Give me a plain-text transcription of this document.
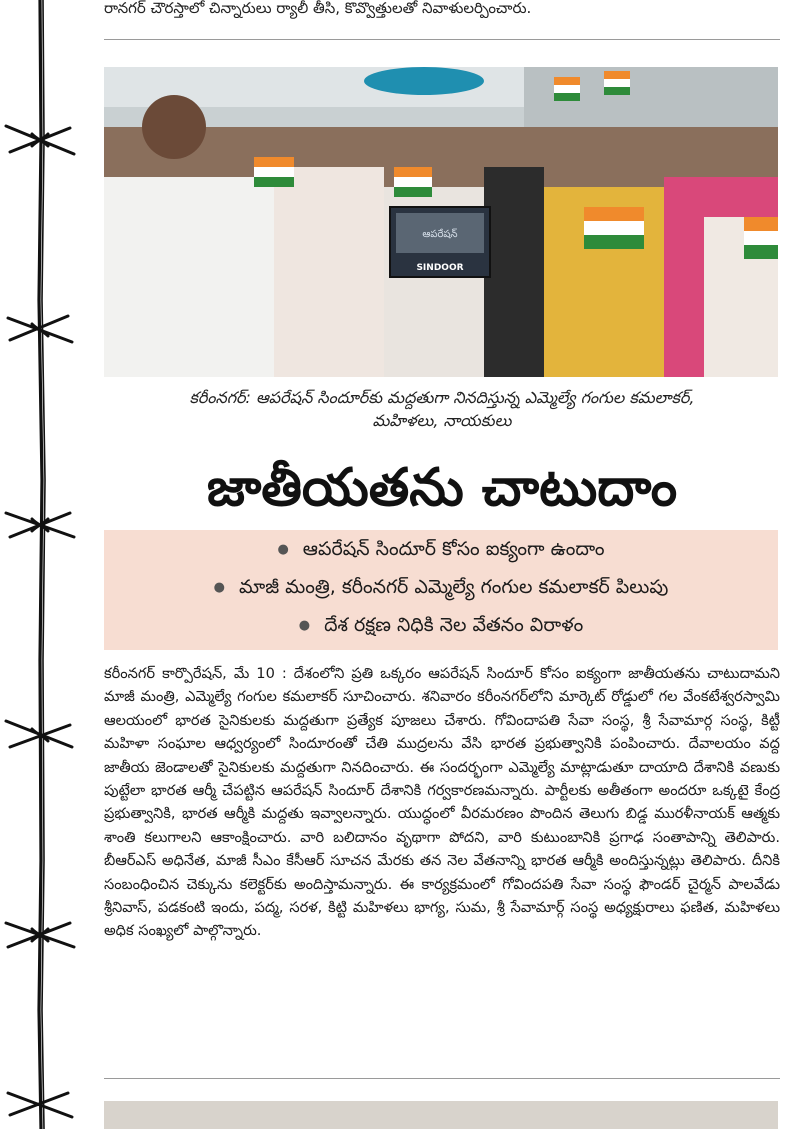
రానగర్ చౌరస్తాలో చిన్నారులు ర్యాలీ తీసి, కొవ్వొత్తులతో నివాళులర్పించారు.
ఆపరేషన్
SINDOOR
కరీంనగర్: ఆపరేషన్ సిందూర్‌కు మద్దతుగా నినదిస్తున్న ఎమ్మెల్యే గంగుల కమలాకర్,
మహిళలు, నాయకులు
జాతీయతను చాటుదాం
● ఆపరేషన్ సిందూర్ కోసం ఐక్యంగా ఉందాం
● మాజీ మంత్రి, కరీంనగర్ ఎమ్మెల్యే గంగుల కమలాకర్ పిలుపు
● దేశ రక్షణ నిధికి నెల వేతనం విరాళం

కరీంనగర్ కార్పొరేషన్, మే 10 : దేశంలోని ప్రతి ఒక్కరం ఆపరేషన్ సిందూర్ కోసం ఐక్యంగా జాతీయతను చాటుదామని మాజీ మంత్రి, ఎమ్మెల్యే గంగుల కమలాకర్ సూచించారు. శనివారం కరీంనగర్‌లోని మార్కెట్ రోడ్డులో గల వేంకటేశ్వరస్వామి ఆలయంలో భారత సైనికులకు మద్దతుగా ప్రత్యేక పూజలు చేశారు. గోవిందాపతి సేవా సంస్థ, శ్రీ సేవామార్గ సంస్థ, కిట్టీ మహిళా సంఘాల ఆధ్వర్యంలో సిందూరంతో చేతి ముద్రలను వేసి భారత ప్రభుత్వానికి పంపించారు. దేవాలయం వద్ద జాతీయ జెండాలతో సైనికులకు మద్దతుగా నినదించారు. ఈ సందర్భంగా ఎమ్మెల్యే మాట్లాడుతూ దాయాది దేశానికి వణుకు పుట్టేలా భారత ఆర్మీ చేపట్టిన ఆపరేషన్ సిందూర్ దేశానికి గర్వకారణమన్నారు. పార్టీలకు అతీతంగా అందరూ ఒక్కటై కేంద్ర ప్రభుత్వానికి, భారత ఆర్మీకి మద్దతు ఇవ్వాలన్నారు. యుద్ధంలో వీరమరణం పొందిన తెలుగు బిడ్డ మురళీనాయక్ ఆత్మకు శాంతి కలుగాలని ఆకాంక్షించారు. వారి బలిదానం వృథాగా పోదని, వారి కుటుంబానికి ప్రగాఢ సంతాపాన్ని తెలిపారు. బీఆర్‌ఎస్ అధినేత, మాజీ సీఎం కేసీఆర్ సూచన మేరకు తన నెల వేతనాన్ని భారత ఆర్మీకి అందిస్తున్నట్లు తెలిపారు. దీనికి సంబంధించిన చెక్కును కలెక్టర్‌కు అందిస్తామన్నారు. ఈ కార్యక్రమంలో గోవిందపతి సేవా సంస్థ ఫౌండర్ చైర్మన్ పాలవేడు శ్రీనివాస్, పడకంటి ఇందు, పద్మ, సరళ, కిట్టి మహిళలు భాగ్య, సుమ, శ్రీ సేవామార్గ్ సంస్థ అధ్యక్షురాలు ఫణిత, మహిళలు అధిక సంఖ్యలో పాల్గొన్నారు.
